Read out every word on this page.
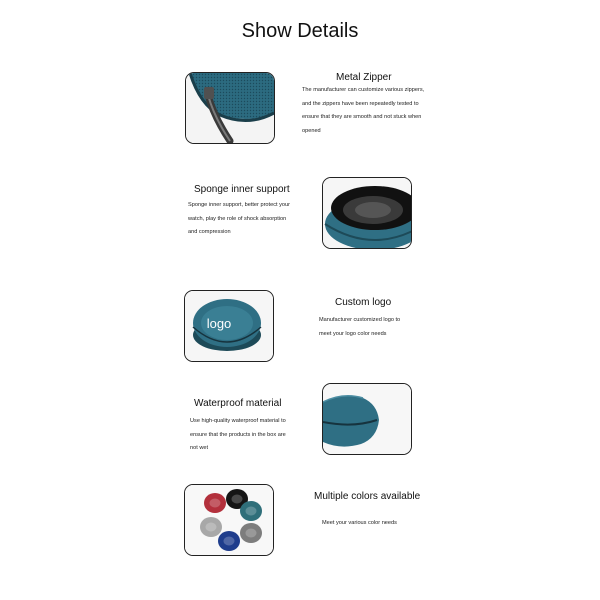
Show Details
Metal Zipper
The manufacturer can customize various zippers,
and the zippers have been repeatedly tested to
ensure that they are smooth and not stuck when
opened
Sponge inner support
Sponge inner support, better protect your
watch, play the role of shock absorption
and compression
logo
Custom logo
Manufacturer customized logo to
meet your logo color needs
Waterproof material
Use high-quality waterproof material to
ensure that the products in the box are
not wet
Multiple colors available
Meet your various color needs
